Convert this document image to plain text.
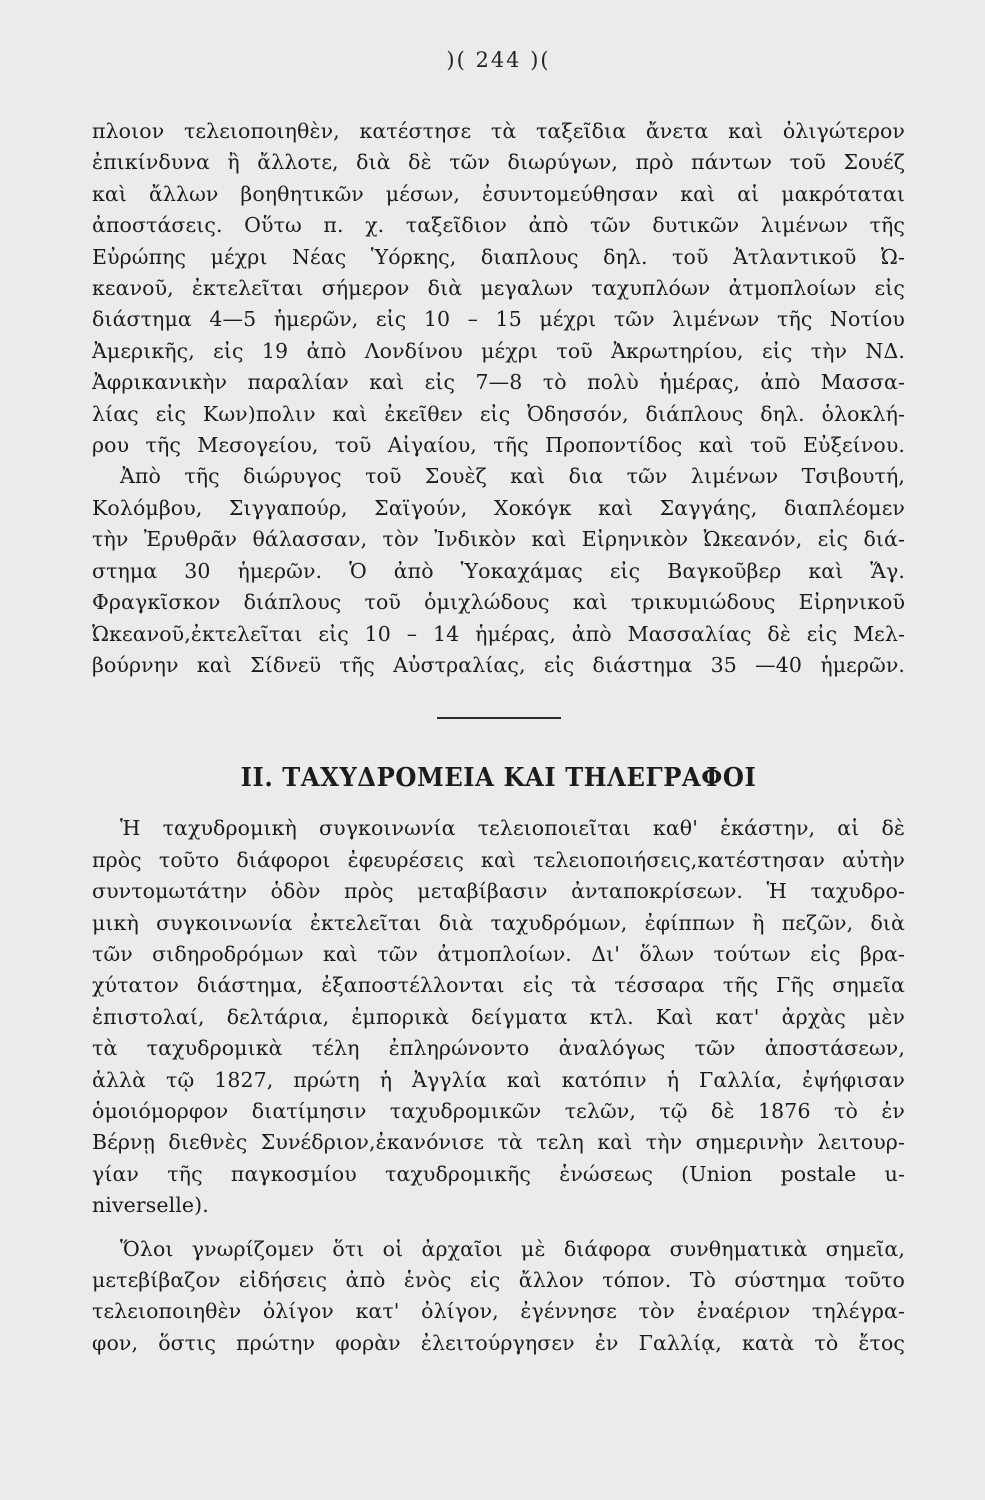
)( 244 )(
πλοιον τελειοποιηθὲν, κατέστησε τὰ ταξεῖδια ἄνετα καὶ ὀλιγώτερον
ἐπικίνδυνα ἢ ἄλλοτε, διὰ δὲ τῶν διωρύγων, πρὸ πάντων τοῦ Σουέζ
καὶ ἄλλων βοηθητικῶν μέσων, ἐσυντομεύθησαν καὶ αἱ μακρόταται
ἀποστάσεις. Οὕτω π. χ. ταξεῖδιον ἀπὸ τῶν δυτικῶν λιμένων τῆς
Εὐρώπης μέχρι Νέας Ὑόρκης, διαπλους δηλ. τοῦ Ἀτλαντικοῦ Ὠ-
κεανοῦ, ἐκτελεῖται σήμερον διὰ μεγαλων ταχυπλόων ἀτμοπλοίων εἰς
διάστημα 4—5 ἡμερῶν, εἰς 10 – 15 μέχρι τῶν λιμένων τῆς Νοτίου
Ἀμερικῆς, εἰς 19 ἀπὸ Λονδίνου μέχρι τοῦ Ἀκρωτηρίου, εἰς τὴν ΝΔ.
Ἀφρικανικὴν παραλίαν καὶ εἰς 7—8 τὸ πολὺ ἡμέρας, ἀπὸ Μασσα-
λίας εἰς Κων)πολιν καὶ ἐκεῖθεν εἰς Ὀδησσόν, διάπλους δηλ. ὁλοκλή-
ρου τῆς Μεσογείου, τοῦ Αἰγαίου, τῆς Προποντίδος καὶ τοῦ Εὐξείνου.
Ἀπὸ τῆς διώρυγος τοῦ Σουὲζ καὶ δια τῶν λιμένων Τσιβουτή,
Κολόμβου, Σιγγαπούρ, Σαϊγούν, Χοκόγκ καὶ Σαγγάης, διαπλέομεν
τὴν Ἐρυθρᾶν θάλασσαν, τὸν Ἰνδικὸν καὶ Εἰρηνικὸν Ὠκεανόν, εἰς διά-
στημα 30 ἡμερῶν. Ὁ ἀπὸ Ὑοκαχάμας εἰς Βαγκοῦβερ καὶ Ἅγ.
Φραγκῖσκον διάπλους τοῦ ὁμιχλώδους καὶ τρικυμιώδους Εἰρηνικοῦ
Ὠκεανοῦ,ἐκτελεῖται εἰς 10 – 14 ἡμέρας, ἀπὸ Μασσαλίας δὲ εἰς Μελ-
βούρνην καὶ Σίδνεϋ τῆς Αὐστραλίας, εἰς διάστημα 35 —40 ἡμερῶν.
II. ΤΑΧΥΔΡΟΜΕΙΑ ΚΑΙ ΤΗΛΕΓΡΑΦΟΙ
Ἡ ταχυδρομικὴ συγκοινωνία τελειοποιεῖται καθ' ἑκάστην, αἱ δὲ
πρὸς τοῦτο διάφοροι ἐφευρέσεις καὶ τελειοποιήσεις,κατέστησαν αὐτὴν
συντομωτάτην ὁδὸν πρὸς μεταβίβασιν ἀνταποκρίσεων. Ἡ ταχυδρο-
μικὴ συγκοινωνία ἐκτελεῖται διὰ ταχυδρόμων, ἐφίππων ἢ πεζῶν, διὰ
τῶν σιδηροδρόμων καὶ τῶν ἀτμοπλοίων. Δι' ὅλων τούτων εἰς βρα-
χύτατον διάστημα, ἐξαποστέλλονται εἰς τὰ τέσσαρα τῆς Γῆς σημεῖα
ἐπιστολαί, δελτάρια, ἐμπορικὰ δείγματα κτλ. Καὶ κατ' ἀρχὰς μὲν
τὰ ταχυδρομικὰ τέλη ἐπληρώνοντο ἀναλόγως τῶν ἀποστάσεων,
ἀλλὰ τῷ 1827, πρώτη ἡ Ἀγγλία καὶ κατόπιν ἡ Γαλλία, ἐψήφισαν
ὁμοιόμορφον διατίμησιν ταχυδρομικῶν τελῶν, τῷ δὲ 1876 τὸ ἐν
Βέρνῃ διεθνὲς Συνέδριον,ἐκανόνισε τὰ τελη καὶ τὴν σημερινὴν λειτουρ-
γίαν τῆς παγκοσμίου ταχυδρομικῆς ἑνώσεως (Union postale u-
niverselle).
Ὅλοι γνωρίζομεν ὅτι οἱ ἀρχαῖοι μὲ διάφορα συνθηματικὰ σημεῖα,
μετεβίβαζον εἰδήσεις ἀπὸ ἑνὸς εἰς ἄλλον τόπον. Τὸ σύστημα τοῦτο
τελειοποιηθὲν ὀλίγον κατ' ὀλίγον, ἐγέννησε τὸν ἐναέριον τηλέγρα-
φον, ὅστις πρώτην φορὰν ἐλειτούργησεν ἐν Γαλλίᾳ, κατὰ τὸ ἔτος
